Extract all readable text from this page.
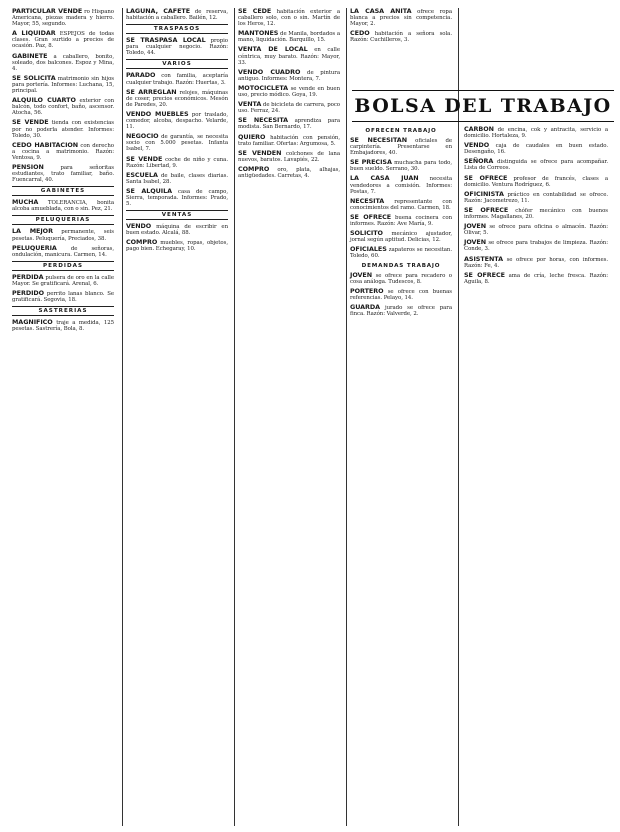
PARTICULAR VENDE ro Hispano Americana, piezas madera y hierro. Mayor, 55, segundo.

A LIQUIDAR ESPEJOS de todas clases. Gran surtido a precios de ocasión. Paz, 8.

GABINETE a caballero, bonito, soleado, dos balcones. Espoz y Mina, 4.

SE SOLICITA matrimonio sin hijos para portería. Informes: Luchana, 15, principal.

ALQUILO CUARTO exterior con balcón, todo confort, baño, ascensor. Atocha, 56.

SE VENDE tienda con existencias por no poderla atender. Informes: Toledo, 30.

CEDO HABITACION con derecho a cocina a matrimonio. Razón: Ventosa, 9.

PENSION	para señoritas estudiantes, trato familiar, baño. Fuencarral, 40.

GABINETES

MUCHA TOLERANCIA, bonita alcoba amueblada, con o sin. Pez, 21.

PELUQUERIAS

LA MEJOR permanente, seis pesetas. Peluquería, Preciados, 38.

PELUQUERIA	de señoras, ondulación, manicura. Carmen, 14.

PERDIDAS

PERDIDA pulsera de oro en la calle Mayor. Se gratificará. Arenal, 6.

PERDIDO perrito lanas blanco. Se gratificará. Segovia, 18.

SASTRERIAS

MAGNIFICO traje a medida, 125 pesetas. Sastrería, Bola, 8.

LAGUNA, CAFETE de reserva, habitación a caballero. Bailén, 12.

TRASPASOS

SE TRASPASA LOCAL propio para cualquier negocio. Razón: Toledo, 44.

VARIOS

PARADO con familia, aceptaría cualquier trabajo. Razón: Huertas, 3.

SE ARREGLAN relojes, máquinas de coser, precios económicos. Mesón de Paredes, 20.

VENDO MUEBLES por traslado, comedor, alcoba, despacho. Velarde, 11.

NEGOCIO de garantía, se necesita socio con 5.000 pesetas. Infanta Isabel, 7.

SE VENDE coche de niño y cuna. Razón: Libertad, 9.

ESCUELA de baile, clases diarias. Santa Isabel, 28.

SE ALQUILA casa de campo, Sierra, temporada. Informes: Prado, 5.

VENTAS

VENDO máquina de escribir en buen estado. Alcalá, 88.

COMPRO muebles, ropas, objetos, pago bien. Echegaray, 10.

SE CEDE habitación exterior a caballero solo, con o sin. Martín de los Heros, 12.

MANTONES de Manila, bordados a mano, liquidación. Barquillo, 15.

VENTA DE LOCAL en calle céntrica, muy barato. Razón: Mayor, 33.

VENDO CUADRO de pintura antiguo. Informes: Montera, 7.

MOTOCICLETA se vende en buen uso, precio módico. Goya, 19.

VENTA de bicicleta de carrera, poco uso. Ferraz, 24.

SE NECESITA aprendiza para modista. San Bernardo, 17.

QUIERO habitación con pensión, trato familiar. Ofertas: Argumosa, 5.

SE VENDEN colchones de lana nuevos, baratos. Lavapiés, 22.

COMPRO oro, plata, alhajas, antigüedades. Carretas, 4.

LA CASA ANITA ofrece ropa blanca a precios sin competencia. Mayor, 2.

CEDO habitación a señora sola. Razón: Cuchilleros, 3.

BOLSA DEL TRABAJO
OFRECEN TRABAJO

SE NECESITAN oficiales de carpintería. Presentarse en Embajadores, 40.

SE PRECISA muchacha para todo, buen sueldo. Serrano, 30.

LA CASA JUAN necesita vendedores a comisión. Informes: Postas, 7.

NECESITA representante con conocimientos del ramo. Carmen, 18.

SE OFRECE buena cocinera con informes. Razón: Ave María, 9.

SOLICITO mecánico ajustador, jornal según aptitud. Delicias, 12.

OFICIALES zapateros se necesitan. Toledo, 60.

DEMANDAS TRABAJO

JOVEN se ofrece para recadero o cosa análoga. Tudescos, 8.

PORTERO se ofrece con buenas referencias. Pelayo, 14.

GUARDA jurado se ofrece para finca. Razón: Valverde, 2.

CARBON de encina, cok y antracita, servicio a domicilio. Hortaleza, 9.

VENDO caja de caudales en buen estado. Desengaño, 16.

SEÑORA distinguida se ofrece para acompañar. Lista de Correos.

SE OFRECE profesor de francés, clases a domicilio. Ventura Rodríguez, 6.

OFICINISTA práctico en contabilidad se ofrece. Razón: Jacometrezo, 11.

SE OFRECE chófer mecánico con buenos informes. Magallanes, 20.

JOVEN se ofrece para oficina o almacén. Razón: Olivar, 5.

JOVEN se ofrece para trabajos de limpieza. Razón: Conde, 3.

ASISTENTA se ofrece por horas, con informes. Razón: Fe, 4.

SE OFRECE ama de cría, leche fresca. Razón: Aguila, 8.
